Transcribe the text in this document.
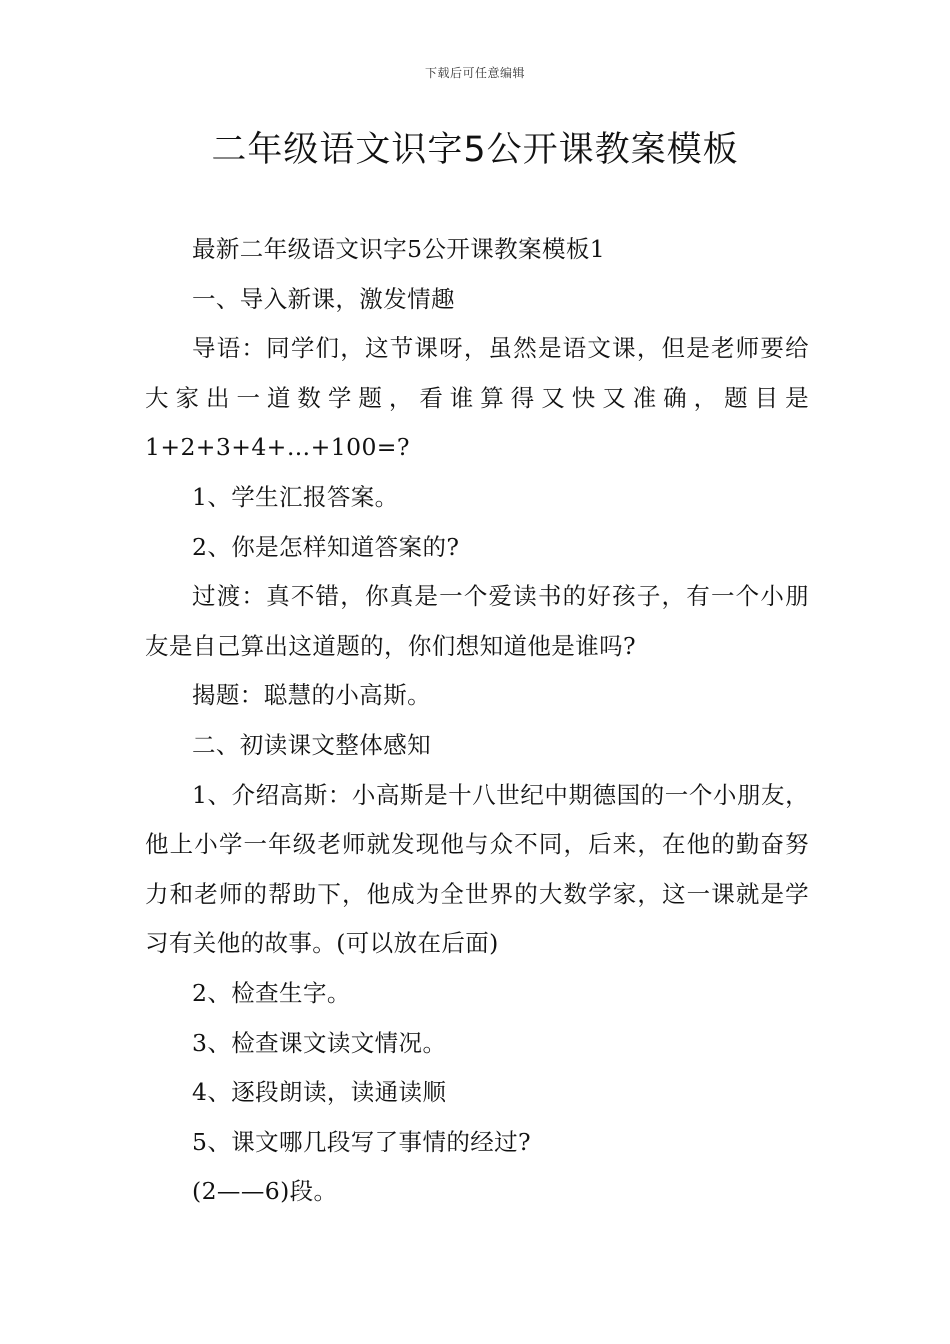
下载后可任意编辑
二年级语文识字5公开课教案模板

最新二年级语文识字5公开课教案模板1

一、导入新课，激发情趣

导语：同学们，这节课呀，虽然是语文课，但是老师要给大家出一道数学题，看谁算得又快又准确，题目是1+2+3+4+…+100=?

1、学生汇报答案。

2、你是怎样知道答案的?

过渡：真不错，你真是一个爱读书的好孩子，有一个小朋友是自己算出这道题的，你们想知道他是谁吗?

揭题：聪慧的小高斯。

二、初读课文整体感知

1、介绍高斯：小高斯是十八世纪中期德国的一个小朋友，他上小学一年级老师就发现他与众不同，后来，在他的勤奋努力和老师的帮助下，他成为全世界的大数学家，这一课就是学习有关他的故事。(可以放在后面)

2、检查生字。

3、检查课文读文情况。

4、逐段朗读，读通读顺

5、课文哪几段写了事情的经过?

(2——6)段。
